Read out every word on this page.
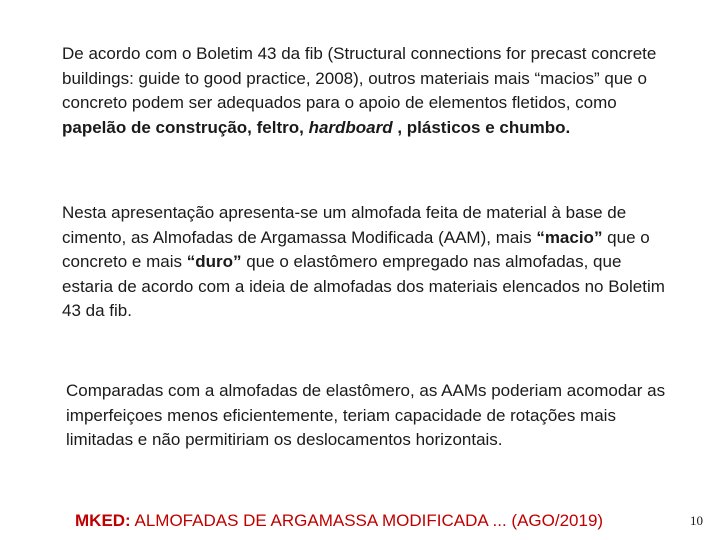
De acordo com o Boletim 43 da fib (Structural connections for precast concrete buildings: guide to good practice, 2008), outros materiais mais “macios” que o concreto podem ser adequados para o apoio de elementos fletidos, como papelão de construção, feltro, hardboard , plásticos e chumbo.

Nesta apresentação apresenta-se um almofada feita de material à base de cimento, as Almofadas de Argamassa Modificada (AAM), mais “macio” que o concreto e mais “duro” que o elastômero empregado nas almofadas, que estaria de acordo com a ideia de almofadas dos materiais elencados no Boletim 43 da fib.

Comparadas com a almofadas de elastômero, as AAMs poderiam acomodar as imperfeiçoes menos eficientemente, teriam capacidade de rotações mais limitadas e não permitiriam os deslocamentos horizontais.

MKED: ALMOFADAS DE ARGAMASSA MODIFICADA ... (AGO/2019)	10
